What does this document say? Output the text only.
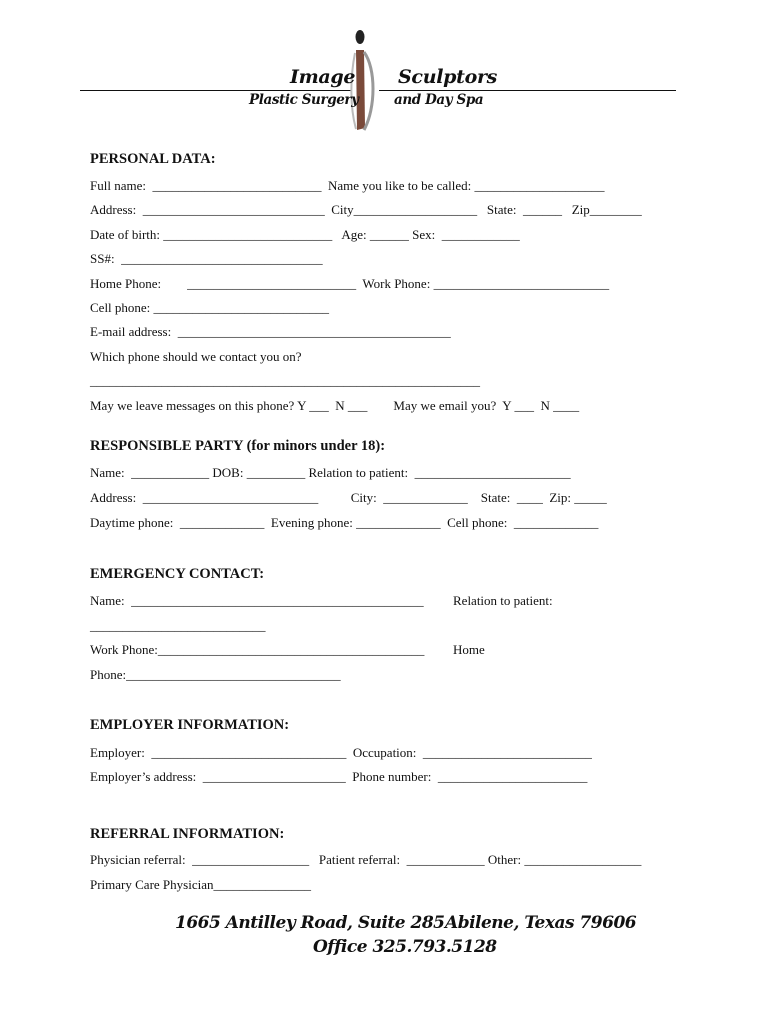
Image Sculptors
Plastic Surgery	and Day Spa
PERSONAL DATA:
Full name:  __________________________  Name you like to be called: ____________________
Address:  ____________________________  City___________________   State:  ______   Zip________
Date of birth: __________________________   Age: ______ Sex:  ____________
SS#:  _______________________________
Home Phone:        __________________________  Work Phone: ___________________________
Cell phone: ___________________________
E-mail address:  __________________________________________
Which phone should we contact you on?
____________________________________________________________
May we leave messages on this phone? Y ___  N ___        May we email you?  Y ___  N ____
RESPONSIBLE PARTY (for minors under 18):
Name:  ____________ DOB: _________ Relation to patient:  ________________________
Address:  ___________________________          City:  _____________    State:  ____  Zip: _____
Daytime phone:  _____________  Evening phone: _____________  Cell phone:  _____________
EMERGENCY CONTACT:
Name:  _____________________________________________ Relation to patient:
___________________________
Work Phone:_________________________________________ Home
Phone:_________________________________
EMPLOYER INFORMATION:
Employer:  ______________________________  Occupation:  __________________________
Employer’s address:  ______________________  Phone number:  _______________________
REFERRAL INFORMATION:
Physician referral:  __________________   Patient referral:  ____________ Other: __________________
Primary Care Physician_______________
1665 Antilley Road, Suite 285 Abilene, Texas 79606
Office 325.793.5128
